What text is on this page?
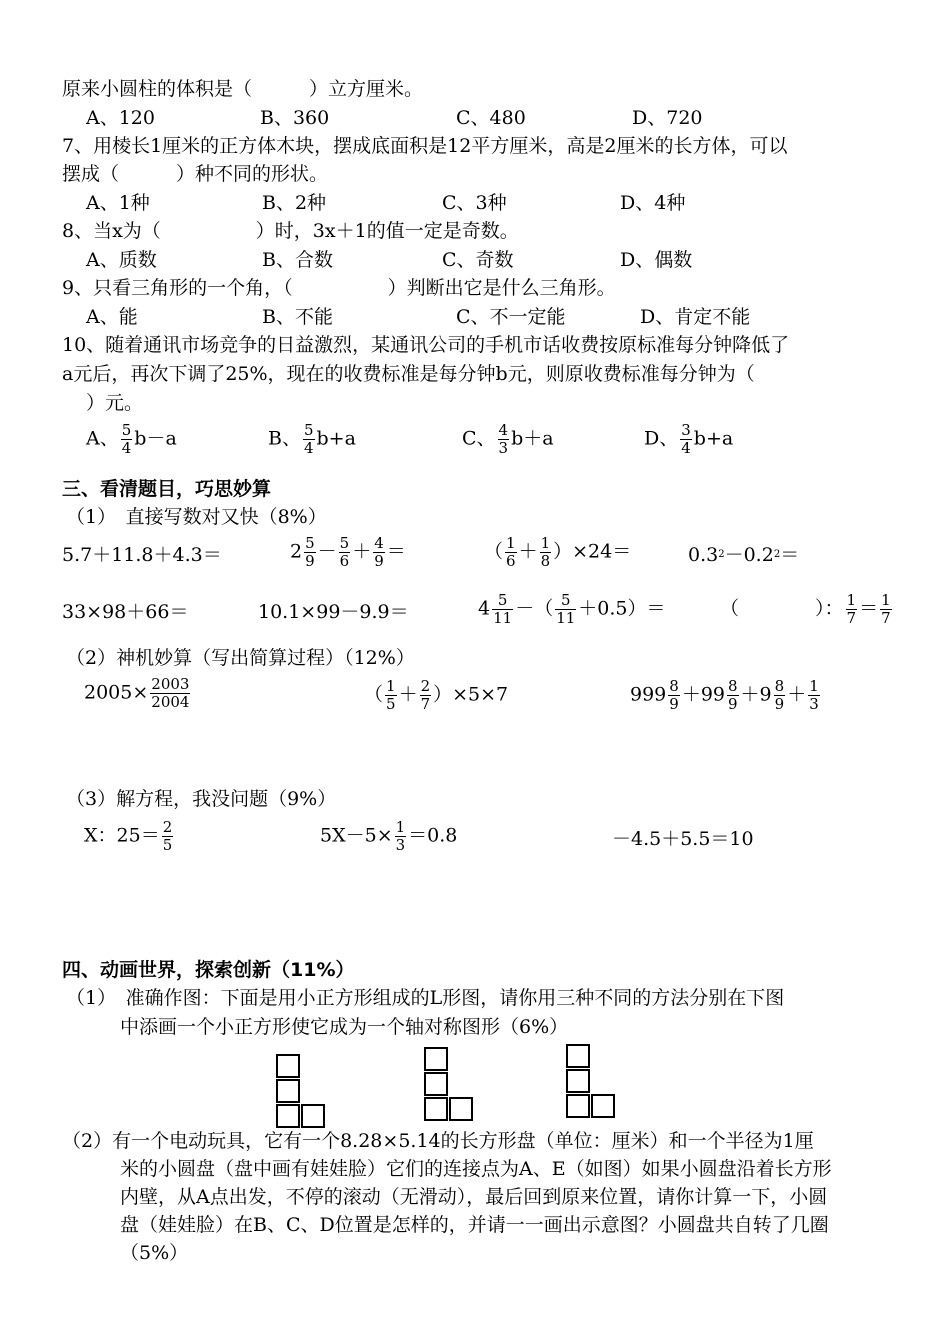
原来小圆柱的体积是（　　　）立方厘米。
A、120	B、360	C、480	D、720
7、用棱长1厘米的正方体木块，摆成底面积是12平方厘米，高是2厘米的长方体，可以
摆成（　　　）种不同的形状。
A、1种	B、2种	C、3种	D、4种
8、当x为（　　　　　）时，3x＋1的值一定是奇数。
A、质数	B、合数	C、奇数	D、偶数
9、只看三角形的一个角，（　　　　　）判断出它是什么三角形。
A、能	B、不能	C、不一定能	D、肯定不能
10、随着通讯市场竞争的日益激烈，某通讯公司的手机市话收费按原标准每分钟降低了
a元后，再次下调了25%，现在的收费标准是每分钟b元，则原收费标准每分钟为（
）元。
A、 $\frac{5}{4} b-a$	B、 $\frac{5}{4} b+a$	C、 $\frac{4}{3} b+a$	D、 $\frac{3}{4} b+a$
三、看清题目，巧思妙算
（1）　直接写数对又快（8%）
5.7＋11.8＋4.3＝	$2 \frac{5}{9} - \frac{5}{6} + \frac{4}{9}$ ＝	（ $\frac{1}{6} + \frac{1}{8} )\times 24=$	$0.3^2-0.2^2=$
33×98＋66＝	10.1×99－9.9＝	$4 \frac{5}{11}$ －（ $\frac{5}{11} +0.5)=$	（　　　　）： $\frac{1}{7} = \frac{1}{7}$
（2）神机妙算（写出简算过程）（12%）
$2005\times \frac{2003}{2004}$	（ $\frac{1}{5} + \frac{2}{7} )\times 5\times 7$	$999 \frac{8}{9} +99 \frac{8}{9} +9 \frac{8}{9} + \frac{1}{3}$
（3）解方程，我没问题（9%）
X：$25= \frac{2}{5}$	$5X-5\times \frac{1}{3} =0.8$	－4.5＋5.5＝10
四、动画世界，探索创新（11%）
（1）　准确作图：下面是用小正方形组成的L形图，请你用三种不同的方法分别在下图
中添画一个小正方形使它成为一个轴对称图形（6%）
（2）有一个电动玩具，它有一个8.28×5.14的长方形盘（单位：厘米）和一个半径为1厘
米的小圆盘（盘中画有娃娃脸）它们的连接点为A、E（如图）如果小圆盘沿着长方形
内壁，从A点出发，不停的滚动（无滑动），最后回到原来位置，请你计算一下，小圆
盘（娃娃脸）在B、C、D位置是怎样的，并请一一画出示意图？小圆盘共自转了几圈
（5%）
